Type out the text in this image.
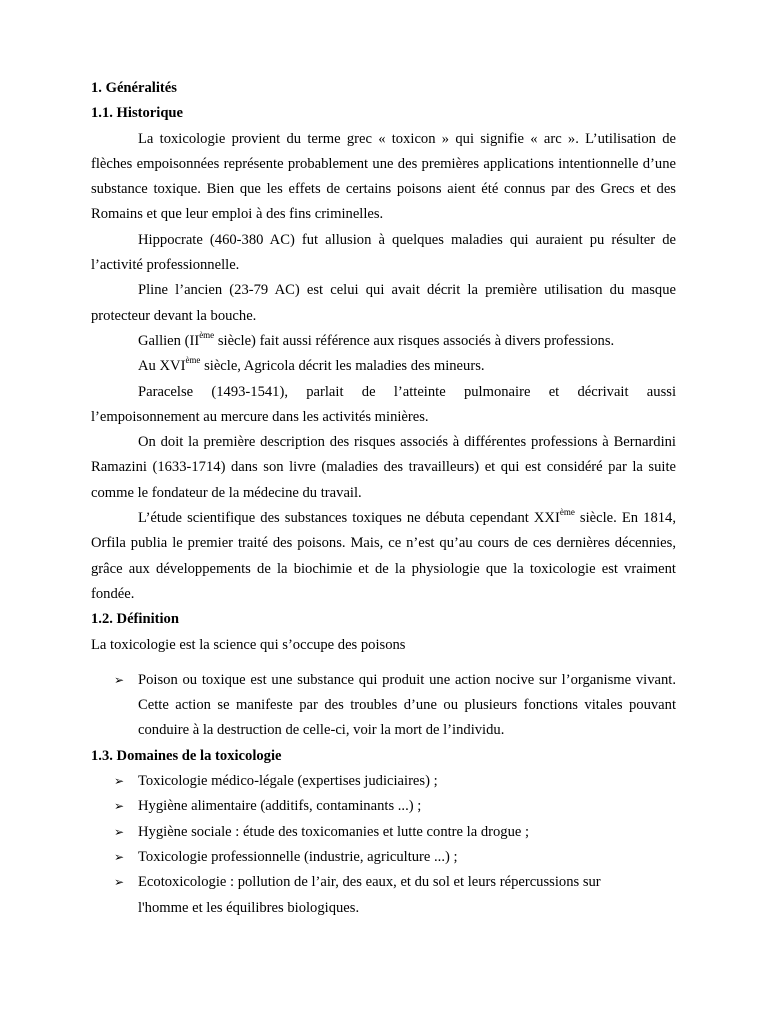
1. Généralités

1.1. Historique

La toxicologie provient du terme grec « toxicon » qui signifie « arc ». L’utilisation de flèches empoisonnées représente probablement une des premières applications intentionnelle d’une substance toxique. Bien que les effets de certains poisons aient été connus par des Grecs et des Romains et que leur emploi à des fins criminelles.

Hippocrate (460-380 AC) fut allusion à quelques maladies qui auraient pu résulter de l’activité professionnelle.

Pline l’ancien (23-79 AC) est celui qui avait décrit la première utilisation du masque protecteur devant la bouche.

Gallien (IIème siècle) fait aussi référence aux risques associés à divers professions.

Au XVIème siècle, Agricola décrit les maladies des mineurs.

Paracelse (1493-1541), parlait de l’atteinte pulmonaire et décrivait aussi

l’empoisonnement au mercure dans les activités minières.

On doit la première description des risques associés à différentes professions à Bernardini Ramazini (1633-1714) dans son livre (maladies des travailleurs) et qui est considéré par la suite comme le fondateur de la médecine du travail.

L’étude scientifique des substances toxiques ne débuta cependant XXIème siècle. En 1814, Orfila publia le premier traité des poisons. Mais, ce n’est qu’au cours de ces dernières décennies, grâce aux développements de la biochimie et de la physiologie que la toxicologie est vraiment fondée.

1.2. Définition

La toxicologie est la science qui s’occupe des poisons

➢ Poison ou toxique est une substance qui produit une action nocive sur l’organisme vivant. Cette action se manifeste par des troubles d’une ou plusieurs fonctions vitales pouvant conduire à la destruction de celle-ci, voir la mort de l’individu.

1.3. Domaines de la toxicologie

➢ Toxicologie médico-légale (expertises judiciaires) ;
➢ Hygiène alimentaire (additifs, contaminants ...) ;
➢ Hygiène sociale : étude des toxicomanies et lutte contre la drogue ;
➢ Toxicologie professionnelle (industrie, agriculture ...) ;
➢ Ecotoxicologie : pollution de l’air, des eaux, et du sol et leurs répercussions sur
l'homme et les équilibres biologiques.
